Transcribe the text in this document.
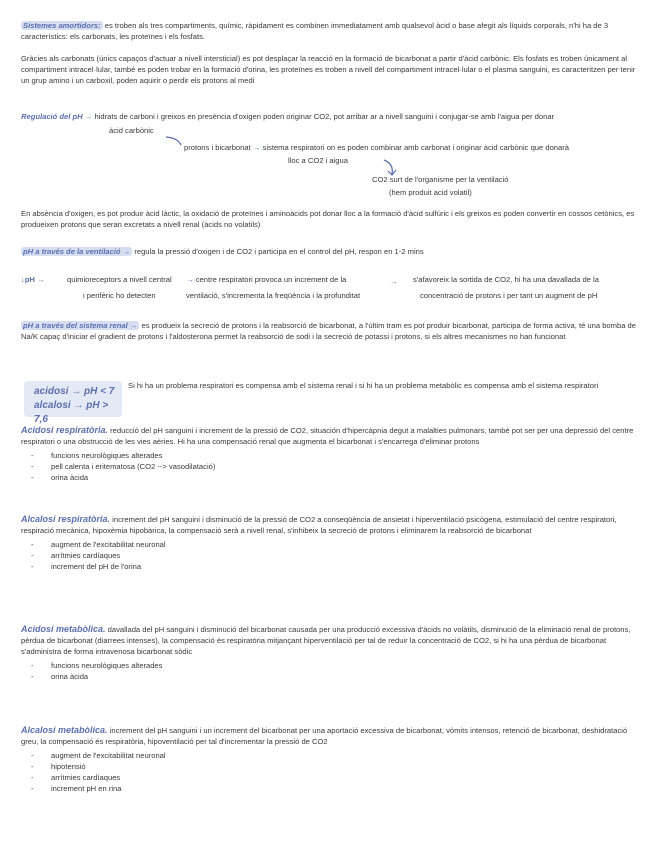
Sistemes amortidors: es troben als tres compartiments, químic, ràpidament es combinen immediatament amb qualsevol àcid o base afegit als líquids corporals, n'hi ha de 3 característics: els carbonats, les proteïnes i els fosfats.

Gràcies als carbonats (únics capaços d'actuar a nivell intersticial) es pot desplaçar la reacció en la formació de bicarbonat a partir d'àcid carbònic. Els fosfats es troben únicament al compartiment intracel·lular, també es poden trobar en la formació d'orina, les proteïnes es troben a nivell del compartiment intracel·lular o el plasma sanguini, es caracteritzen per tenir un grup amino i un carboxil, poden aquirir o perdir els protons al medi

Regulació del pH → hidrats de carboni i greixos en presència d'oxigen poden originar CO2, pot arribar ar a nivell sanguini i conjugar-se amb l'aigua per donar

àcid carbònic

protons i bicarbonat → sistema respiratori on es poden combinar amb carbonat i originar àcid carbònic que donarà

lloc a CO2 i aigua

CO2 surt de l'organisme per la ventilació

(hem produit acid volatil)

En absència d'oxigen, es pot produir àcid làctic, la oxidació de proteïnes i aminoàcids pot donar lloc a la formació d'àcid sulfúric i els greixos es poden convertir en cossos cetònics, es produeixen protons que seran excretats a nivell renal (àcids no volatils)

pH a través de la ventilació → regula la pressió d'oxigen i de CO2 i participa en el control del pH, respon en 1-2 mins

↓pH →	quimioreceptors a nivell central

i perifèric ho detecten

→ centre respiratori provoca un increment de la

ventilació, s'incrementa la freqüència i la profunditat

→ s'afavoreix la sortida de CO2, hi ha una davallada de la

concentració de protons i per tant un augment de pH

pH a través del sistema renal → es produeix la secreció de protons i la reabsorció de bicarbonat, a l'últim tram es pot produir bicarbonat, participa de forma activa, té una bomba de Na/K capaç d'iniciar el gradient de protons i l'aldosterona permet la reabsorció de sodi i la secreció de potassi i protons, si els altres mecanismes no han funcionat

acidosi → pH < 7
alcalosi → pH > 7,6

Si hi ha un problema respiratori es compensa amb el sistema renal i si hi ha un problema metabòlic es compensa amb el sistema respiratori

Acidosi respiratòria. reducció del pH sanguini i increment de la pressió de CO2, situación d'hipercàpnia degut a malalties pulmonars, també pot ser per una depressió del centre respiratori o una obstrucció de les vies aèries. Hi ha una compensació renal que augmenta el bicarbonat i s'encarrega d'eliminar protons

- funcions neurològiques alterades
- pell calenta i eritematosa (CO2 --> vasodilatació)
- orina àcida

Alcalosi respiratòria. increment del pH sanguini i disminució de la pressió de CO2 a conseqüència de ansietat i hiperventilació psicògena, estimulació del centre respiratori, respiració mecànica, hipoxèmia hipobàrica, la compensació serà a nivell renal, s'inhibeix la secreció de protons i eliminarem la reabsorció de bicarbonat

- augment de l'excitabilitat neuronal
- arrítmies cardíaques
- increment del pH de l'orina

Acidosi metabòlica. davallada del pH sanguini i disminució del bicarbonat causada per una producció excessiva d'àcids no volàtils, disminució de la eliminació renal de protons, pèrdua de bicarbonat (diarrees intenses), la compensació és respiratòria mitjançant hiperventilació per tal de reduir la concentració de CO2, si hi ha una pèrdua de bicarbonat s'administra de forma intravenosa bicarbonat sòdic

- funcions neurològiques alterades
- orina àcida

Alcalosi metabòlica. increment del pH sanguini i un increment del bicarbonat per una aportació excessiva de bicarbonat, vòmits intensos, retenció de bicarbonat, deshidratació greu, la compensació és respiratòria, hipoventilació per tal d'incrementar la pressió de CO2

- augment de l'excitabilitat neuronal
- hipotensió
- arrítmies cardíaques
- increment pH en rina
